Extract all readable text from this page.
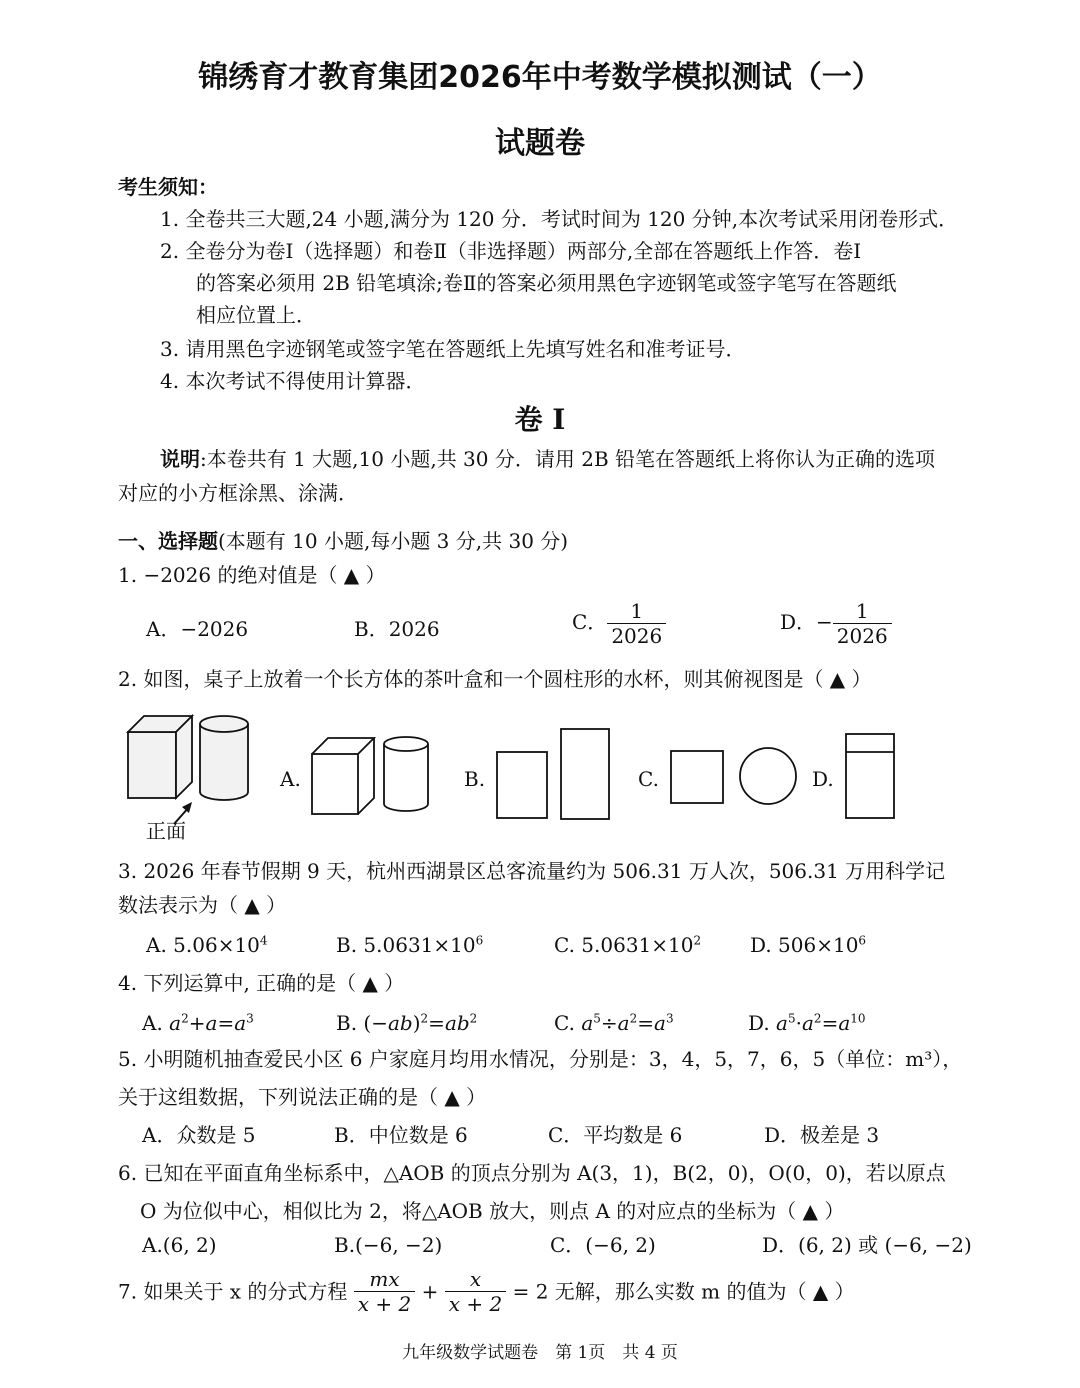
锦绣育才教育集团2026年中考数学模拟测试（一）
试题卷
考生须知：
1. 全卷共三大题,24 小题,满分为 120 分．考试时间为 120 分钟,本次考试采用闭卷形式．
2. 全卷分为卷Ⅰ（选择题）和卷Ⅱ（非选择题）两部分,全部在答题纸上作答．卷Ⅰ
的答案必须用 2B 铅笔填涂;卷Ⅱ的答案必须用黑色字迹钢笔或签字笔写在答题纸
相应位置上．
3. 请用黑色字迹钢笔或签字笔在答题纸上先填写姓名和准考证号．
4. 本次考试不得使用计算器．
卷 Ⅰ
说明:本卷共有 1 大题,10 小题,共 30 分．请用 2B 铅笔在答题纸上将你认为正确的选项
对应的小方框涂黑、涂满．
一、选择题(本题有 10 小题,每小题 3 分,共 30 分)
1. −2026 的绝对值是（ ▲ ）
A．−2026	B．2026	C． $\frac{1}{2026}$	D．− $\frac{1}{2026}$
2. 如图，桌子上放着一个长方体的茶叶盒和一个圆柱形的水杯，则其俯视图是（ ▲ ）
正面
A.	B.	C.	D.
3. 2026 年春节假期 9 天，杭州西湖景区总客流量约为 506.31 万人次，506.31 万用科学记
数法表示为（ ▲ ）
A. $5.06\times 10^4$	B. $5.0631\times 10^6$	C. $5.0631\times 10^2$ D. $506\times 10^6$
4. 下列运算中, 正确的是（ ▲ ）
A. $a^2+a=a^3$	B. $(-ab)^2=ab^2$	C. $a^5\div a^2=a^3$	D. $a^5\cdot a^2=a^{10}$
5. 小明随机抽查爱民小区 6 户家庭月均用水情况，分别是：3，4，5，7，6，5（单位：m³），
关于这组数据，下列说法正确的是（ ▲ ）
A．众数是 5	B．中位数是 6	C．平均数是 6	D．极差是 3
6. 已知在平面直角坐标系中，△AOB 的顶点分别为 A(3，1)，B(2，0)，O(0，0)，若以原点
O 为位似中心，相似比为 2，将△AOB 放大，则点 A 的对应点的坐标为（ ▲ ）
A.(6, 2)	B.(−6, −2)	C．(−6, 2)	D．(6, 2) 或 (−6, −2)
7. 如果关于 x 的分式方程 $\frac{mx}{x + 2} + \frac{x}{x + 2} = 2$ 无解，那么实数 m 的值为（ ▲ ）
九年级数学试题卷　第 1页　共 4 页
